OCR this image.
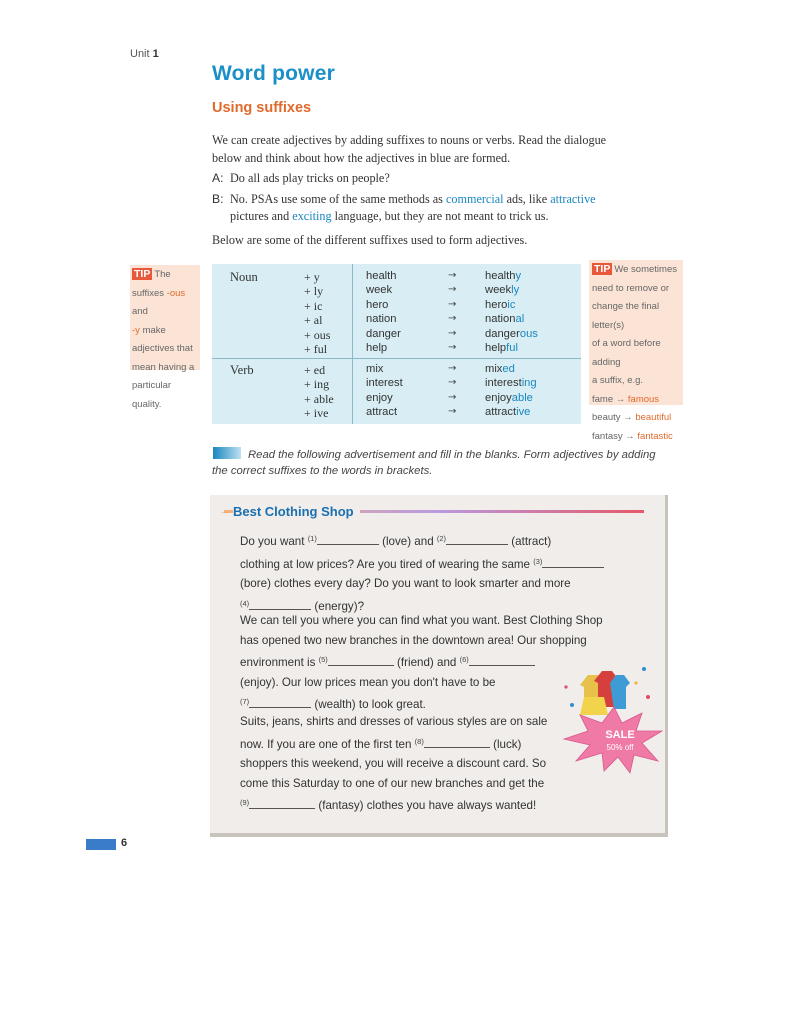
Unit 1
Word power
Using suffixes
We can create adjectives by adding suffixes to nouns or verbs. Read the dialogue
below and think about how the adjectives in blue are formed.
A: Do all ads play tricks on people?
B: No. PSAs use some of the same methods as commercial ads, like attractive
pictures and exciting language, but they are not meant to trick us.
Below are some of the different suffixes used to form adjectives.
TIP The
suffixes -ous and
-y make
adjectives that
mean having a
particular quality.
TIP We sometimes
need to remove or
change the final letter(s)
of a word before adding
a suffix, e.g.
fame → famous
beauty → beautiful
fantasy → fantastic
Noun
Verb
+ y	health	→	healthy
+ ly	week	→	weekly
+ ic	hero	→	heroic
+ al	nation	→	national
+ ous	danger	→	dangerous
+ ful	help	→	helpful
+ ed	mix	→	mixed
+ ing	interest	→	interesting
+ able	enjoy	→	enjoyable
+ ive	attract	→	attractive
Read the following advertisement and fill in the blanks. Form adjectives by adding the correct suffixes to the words in brackets.
SALE
50% off
– Best Clothing Shop
Do you want $^{(1)}$	(love) and $^{(2)}$	(attract)
clothing at low prices? Are you tired of wearing the same $^{(3)}$
(bore) clothes every day? Do you want to look smarter and more
$^{(4)}$	(energy)?
We can tell you where you can find what you want. Best Clothing Shop
has opened two new branches in the downtown area! Our shopping
environment is $^{(5)}$	(friend) and $^{(6)}$
(enjoy). Our low prices mean you don't have to be
$^{(7)}$	(wealth) to look great.
Suits, jeans, shirts and dresses of various styles are on sale
now. If you are one of the first ten $^{(8)}$	(luck)
shoppers this weekend, you will receive a discount card. So
come this Saturday to one of our new branches and get the
$^{(9)}$	(fantasy) clothes you have always wanted!
6
